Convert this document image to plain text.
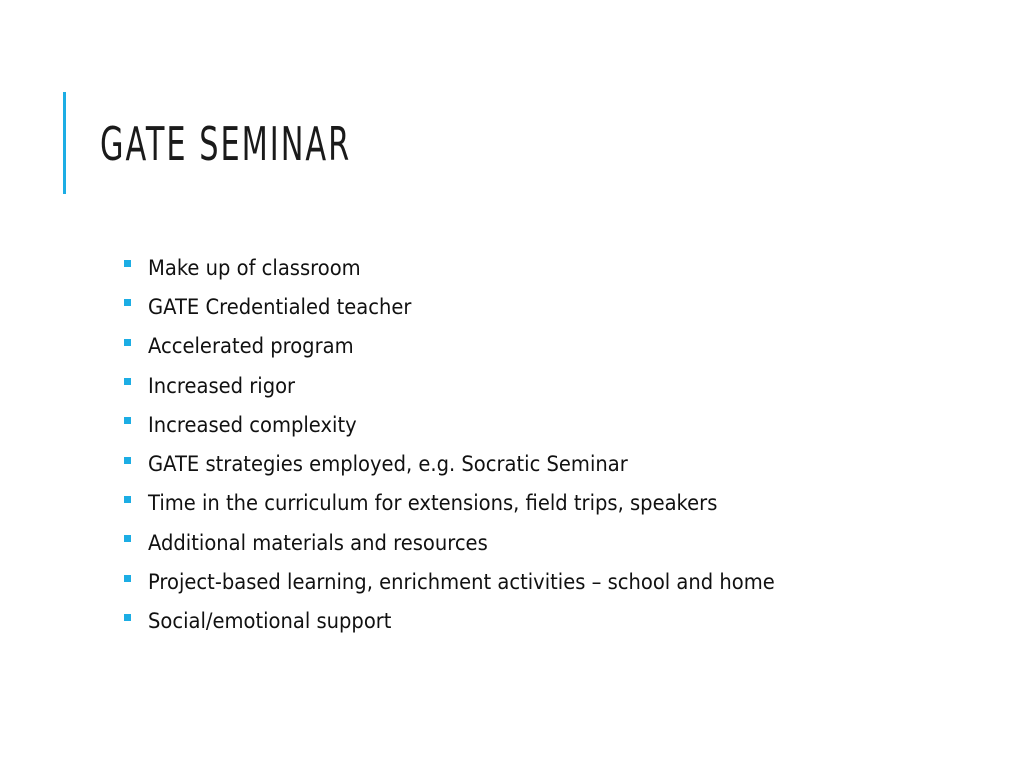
GATE SEMINAR
Make up of classroom
GATE Credentialed teacher
Accelerated program
Increased rigor
Increased complexity
GATE strategies employed, e.g. Socratic Seminar
Time in the curriculum for extensions, field trips, speakers
Additional materials and resources
Project-based learning, enrichment activities – school and home
Social/emotional support
